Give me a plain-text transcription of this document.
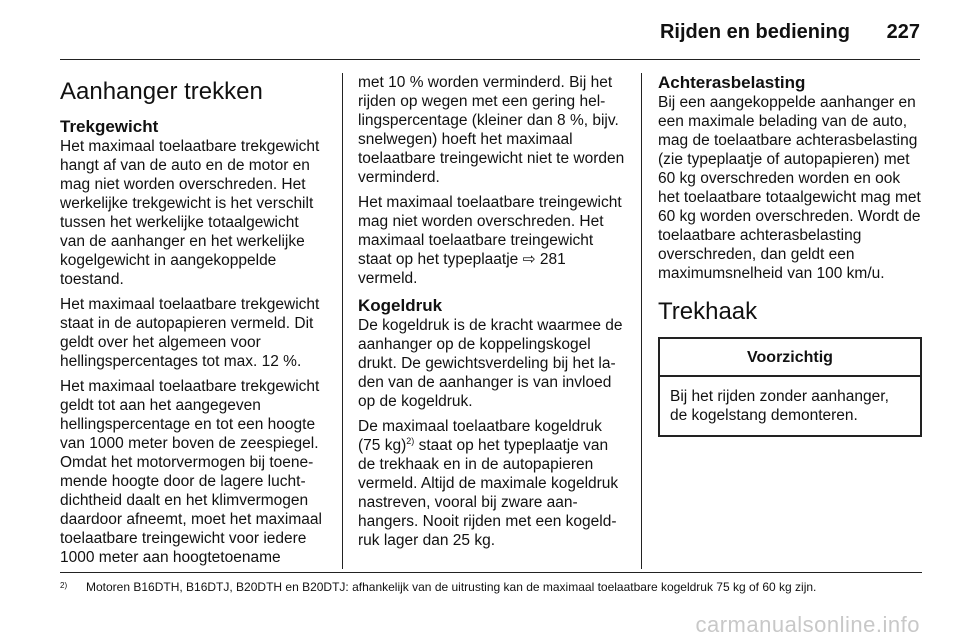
Rijden en bediening 227
Aanhanger trekken
Trekgewicht

Het maximaal toelaatbare trekgewicht hangt af van de auto en de motor en mag niet worden overschreden. Het werkelijke trekgewicht is het verschilt tussen het werkelijke totaalgewicht van de aanhanger en het werkelijke kogelgewicht in aangekoppelde toestand.

Het maximaal toelaatbare trekgewicht staat in de autopapieren vermeld. Dit geldt over het algemeen voor hellingspercentages tot max. 12 %.

Het maximaal toelaatbare trekgewicht geldt tot aan het aangegeven hellingspercentage en tot een hoogte van 1000 meter boven de zeespiegel. Omdat het motorvermogen bij toenemende hoogte door de lagere luchtdichtheid daalt en het klimvermogen daardoor afneemt, moet het maximaal toelaatbare treingewicht voor iedere 1000 meter aan hoogtetoename

met 10 % worden verminderd. Bij het rijden op wegen met een gering hellingspercentage (kleiner dan 8 %, bijv. snelwegen) hoeft het maximaal toelaatbare treingewicht niet te worden verminderd.

Het maximaal toelaatbare treingewicht mag niet worden overschreden. Het maximaal toelaatbare treingewicht staat op het typeplaatje ⇨ 281 vermeld.

Kogeldruk

De kogeldruk is de kracht waarmee de aanhanger op de koppelingskogel drukt. De gewichtsverdeling bij het laden van de aanhanger is van invloed op de kogeldruk.

De maximaal toelaatbare kogeldruk (75 kg)$^{2)}$ staat op het typeplaatje van de trekhaak en in de autopapieren vermeld. Altijd de maximale kogeldruk nastreven, vooral bij zware aanhangers. Nooit rijden met een kogeldruk lager dan 25 kg.

Achterasbelasting

Bij een aangekoppelde aanhanger en een maximale belading van de auto, mag de toelaatbare achterasbelasting (zie typeplaatje of autopapieren) met 60 kg overschreden worden en ook het toelaatbare totaalgewicht mag met 60 kg worden overschreden. Wordt de toelaatbare achterasbelasting overschreden, dan geldt een maximumsnelheid van 100 km/u.

Trekhaak
Voorzichtig
Bij het rijden zonder aanhanger, de kogelstang demonteren.
2) Motoren B16DTH, B16DTJ, B20DTH en B20DTJ: afhankelijk van de uitrusting kan de maximaal toelaatbare kogeldruk 75 kg of 60 kg zijn.
carmanualsonline.info
